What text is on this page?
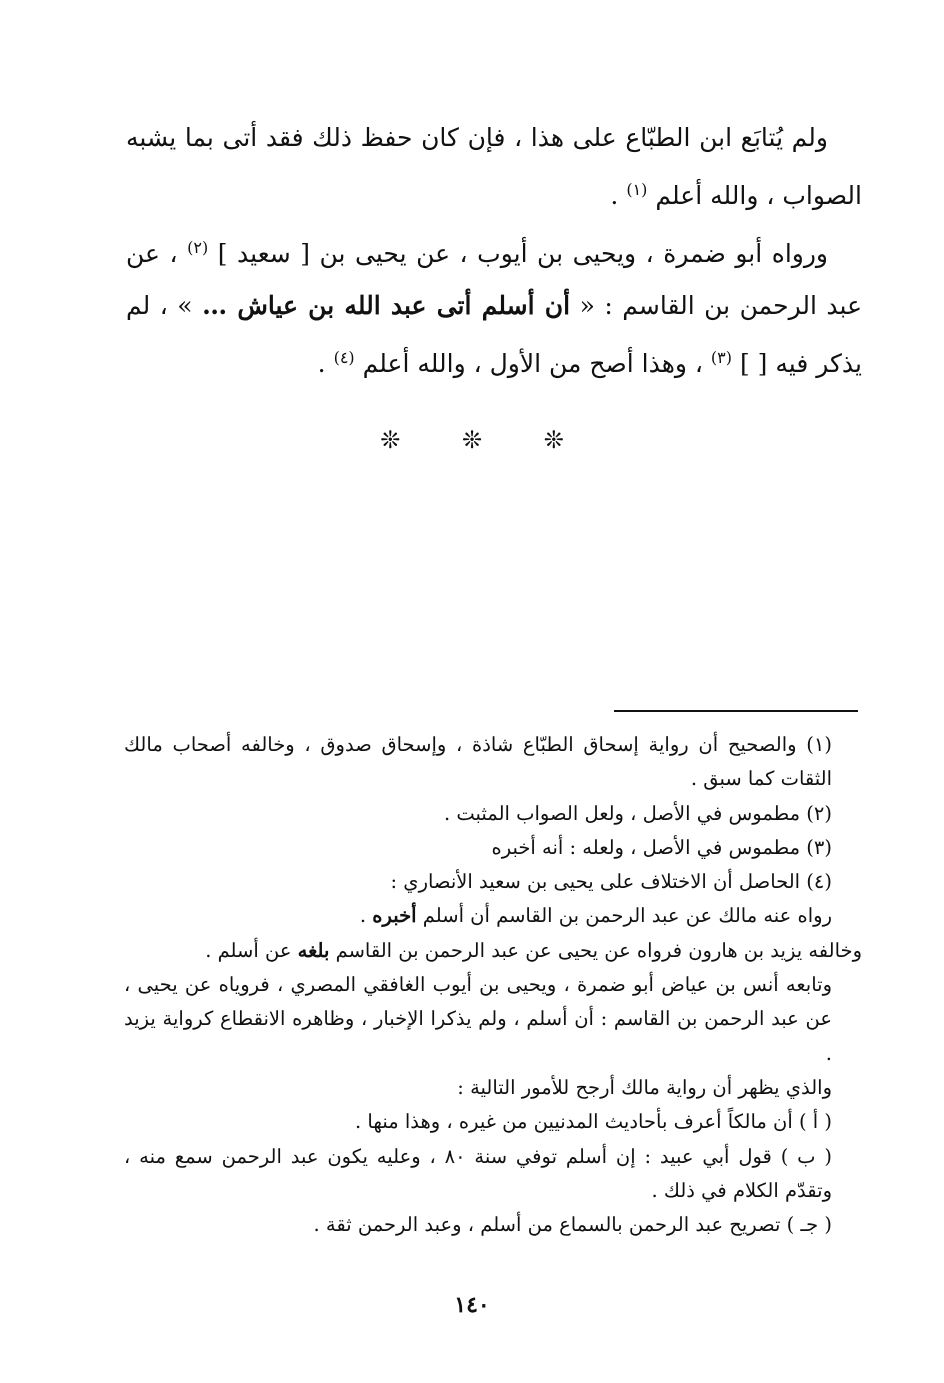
ولم يُتابَع ابن الطبّاع على هذا ، فإن كان حفظ ذلك فقد أتى بما يشبه الصواب ، والله أعلم $^{(١)}$ .

ورواه أبو ضمرة ، ويحيى بن أيوب ، عن يحيى بن [ سعيد ] $^{(٢)}$ ، عن عبد الرحمن بن القاسم : « أن أسلم أتى عبد الله بن عياش … » ، لم يذكر فيه [ ] $^{(٣)}$ ، وهذا أصح من الأول ، والله أعلم $^{(٤)}$ .

❊	❊	❊
(١) والصحيح أن رواية إسحاق الطبّاع شاذة ، وإسحاق صدوق ، وخالفه أصحاب مالك الثقات كما سبق .
(٢) مطموس في الأصل ، ولعل الصواب المثبت .
(٣) مطموس في الأصل ، ولعله : أنه أخبره
(٤) الحاصل أن الاختلاف على يحيى بن سعيد الأنصاري :
رواه عنه مالك عن عبد الرحمن بن القاسم أن أسلم أخبره .
وخالفه يزيد بن هارون فرواه عن يحيى عن عبد الرحمن بن القاسم بلغه عن أسلم .
وتابعه أنس بن عياض أبو ضمرة ، ويحيى بن أيوب الغافقي المصري ، فروياه عن يحيى ، عن عبد الرحمن بن القاسم : أن أسلم ، ولم يذكرا الإخبار ، وظاهره الانقطاع كرواية يزيد .
والذي يظهر أن رواية مالك أرجح للأمور التالية :
( أ ) أن مالكاً أعرف بأحاديث المدنيين من غيره ، وهذا منها .
( ب ) قول أبي عبيد : إن أسلم توفي سنة ٨٠ ، وعليه يكون عبد الرحمن سمع منه ، وتقدّم الكلام في ذلك .
( جـ ) تصريح عبد الرحمن بالسماع من أسلم ، وعبد الرحمن ثقة .
١٤٠
